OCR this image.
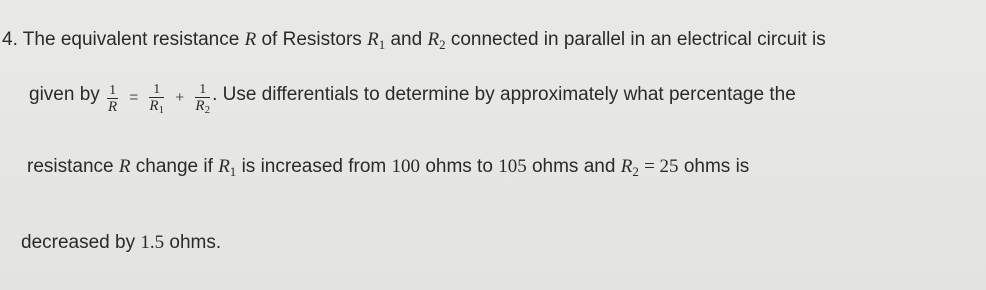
4. The equivalent resistance R of Resistors $R_1$ and $R_2$ connected in parallel in an electrical circuit is
given by $\frac{1}{R} = \frac{1}{R_1} + \frac{1}{R_2}$ . Use differentials to determine by approximately what percentage the
resistance R change if $R_1$ is increased from 100 ohms to 105 ohms and $R_2 = 25$ ohms is
decreased by 1.5 ohms.
